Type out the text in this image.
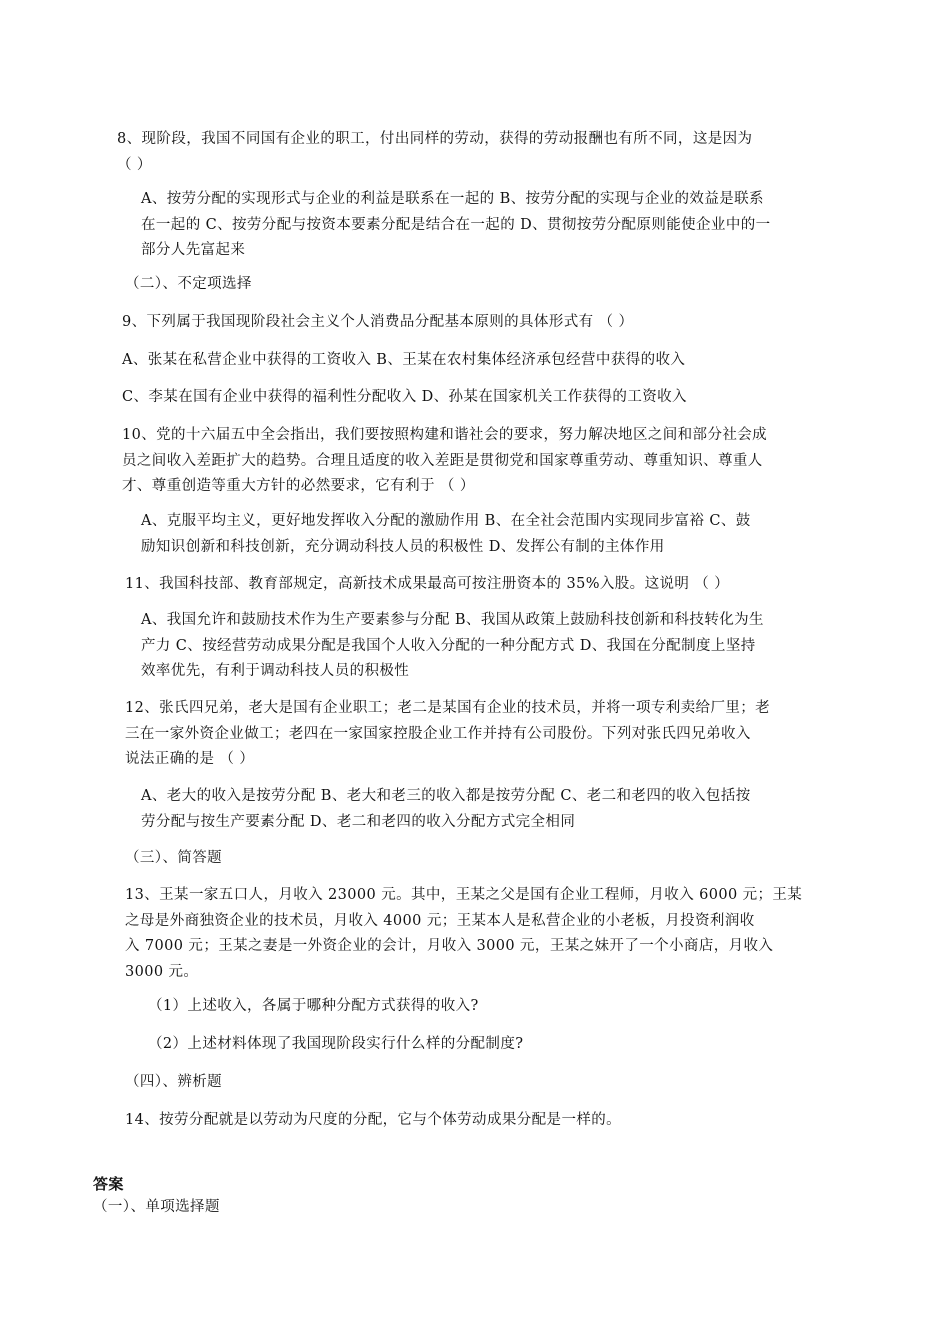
8、现阶段，我国不同国有企业的职工，付出同样的劳动，获得的劳动报酬也有所不同，这是因为
（ ）

A、按劳分配的实现形式与企业的利益是联系在一起的 B、按劳分配的实现与企业的效益是联系
在一起的 C、按劳分配与按资本要素分配是结合在一起的 D、贯彻按劳分配原则能使企业中的一
部分人先富起来

（二）、不定项选择

9、下列属于我国现阶段社会主义个人消费品分配基本原则的具体形式有 （ ）

A、张某在私营企业中获得的工资收入 B、王某在农村集体经济承包经营中获得的收入

C、李某在国有企业中获得的福利性分配收入 D、孙某在国家机关工作获得的工资收入

10、党的十六届五中全会指出，我们要按照构建和谐社会的要求，努力解决地区之间和部分社会成
员之间收入差距扩大的趋势。合理且适度的收入差距是贯彻党和国家尊重劳动、尊重知识、尊重人
才、尊重创造等重大方针的必然要求，它有利于 （ ）

A、克服平均主义，更好地发挥收入分配的激励作用 B、在全社会范围内实现同步富裕 C、鼓
励知识创新和科技创新，充分调动科技人员的积极性 D、发挥公有制的主体作用

11、我国科技部、教育部规定，高新技术成果最高可按注册资本的 35%入股。这说明 （ ）

A、我国允许和鼓励技术作为生产要素参与分配 B、我国从政策上鼓励科技创新和科技转化为生
产力 C、按经营劳动成果分配是我国个人收入分配的一种分配方式 D、我国在分配制度上坚持
效率优先，有利于调动科技人员的积极性

12、张氏四兄弟，老大是国有企业职工；老二是某国有企业的技术员，并将一项专利卖给厂里；老
三在一家外资企业做工；老四在一家国家控股企业工作并持有公司股份。下列对张氏四兄弟收入
说法正确的是 （ ）

A、老大的收入是按劳分配 B、老大和老三的收入都是按劳分配 C、老二和老四的收入包括按
劳分配与按生产要素分配 D、老二和老四的收入分配方式完全相同

（三）、简答题

13、王某一家五口人，月收入 23000 元。其中，王某之父是国有企业工程师，月收入 6000 元；王某
之母是外商独资企业的技术员，月收入 4000 元；王某本人是私营企业的小老板，月投资利润收
入 7000 元；王某之妻是一外资企业的会计，月收入 3000 元，王某之妹开了一个小商店，月收入
3000 元。

（1）上述收入，各属于哪种分配方式获得的收入?

（2）上述材料体现了我国现阶段实行什么样的分配制度?

（四）、辨析题

14、按劳分配就是以劳动为尺度的分配，它与个体劳动成果分配是一样的。

答案

（一）、单项选择题
